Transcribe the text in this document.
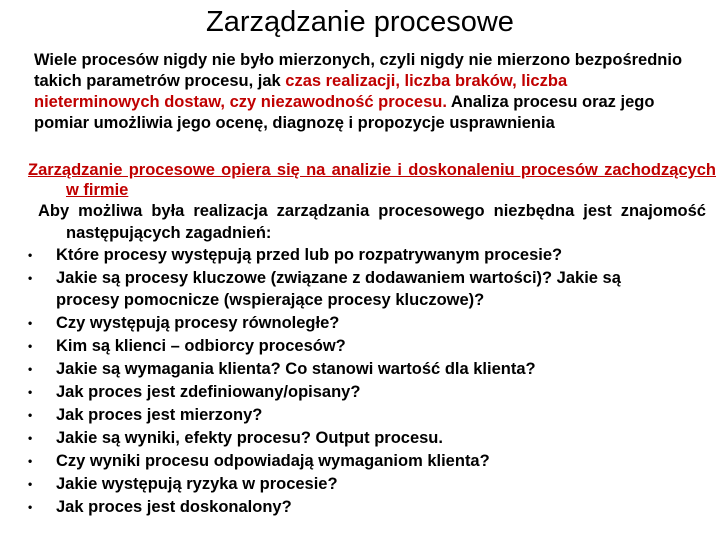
Zarządzanie procesowe

Wiele procesów nigdy nie było mierzonych, czyli nigdy nie mierzono bezpośrednio takich parametrów procesu, jak czas realizacji, liczba braków, liczba nieterminowych dostaw, czy niezawodność procesu. Analiza procesu oraz jego pomiar umożliwia jego ocenę, diagnozę i propozycje usprawnienia

Zarządzanie procesowe opiera się na analizie i doskonaleniu procesów zachodzących w firmie

Aby możliwa była realizacja zarządzania procesowego niezbędna jest znajomość następujących zagadnień:

•	Które procesy występują przed lub po rozpatrywanym procesie?
•	Jakie są procesy kluczowe (związane z dodawaniem wartości)? Jakie są procesy pomocnicze (wspierające procesy kluczowe)?
•	Czy występują procesy równoległe?
•	Kim są klienci – odbiorcy procesów?
•	Jakie są wymagania klienta? Co stanowi wartość dla klienta?
•	Jak proces jest zdefiniowany/opisany?
•	Jak proces jest mierzony?
•	Jakie są wyniki, efekty procesu? Output procesu.
•	Czy wyniki procesu odpowiadają wymaganiom klienta?
•	Jakie występują ryzyka w procesie?
•	Jak proces jest doskonalony?
